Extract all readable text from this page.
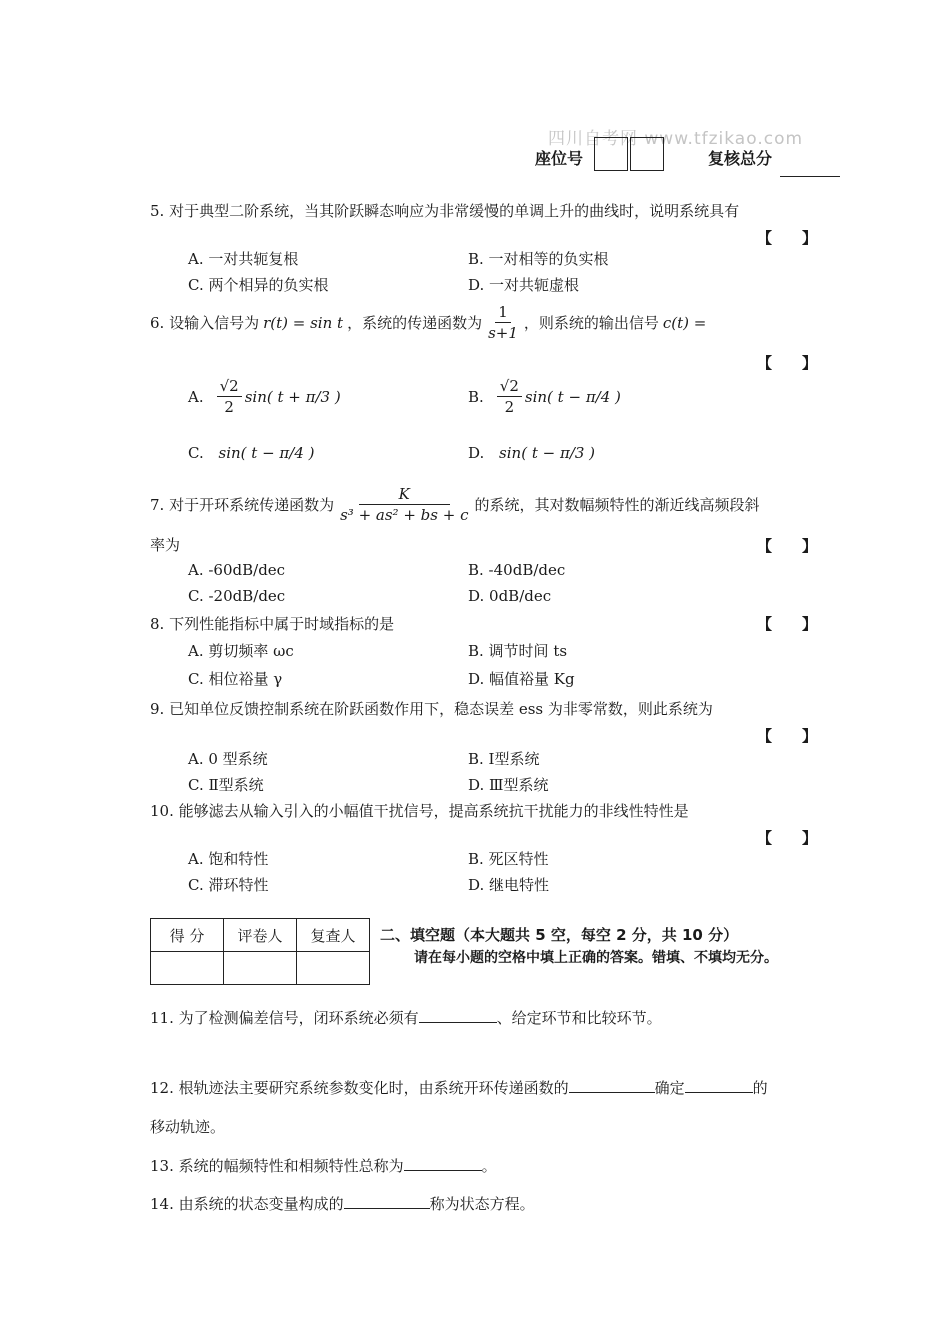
四川自考网 www.tfzikao.com
座位号	复核总分
5. 对于典型二阶系统，当其阶跃瞬态响应为非常缓慢的单调上升的曲线时，说明系统具有
【　　】
A. 一对共轭复根	B. 一对相等的负实根
C. 两个相异的负实根	D. 一对共轭虚根
6. 设输入信号为 r(t) = sin t ，系统的传递函数为 $\frac{1}{s+1}$ ，则系统的输出信号 c(t) =
【　　】
A. $\frac{√2}{2} \sin$( t + π/3 )	B. $\frac{√2}{2} \sin$( t − π/4 )
C. sin( t − π/4 )	D. sin( t − π/3 )
7. 对于开环系统传递函数为 $\frac{K}{\text{s³ + as² + bs + c}}$ 的系统，其对数幅频特性的渐近线高频段斜
率为	【　　】
A. -60dB/dec	B. -40dB/dec
C. -20dB/dec	D. 0dB/dec
8. 下列性能指标中属于时域指标的是	【　　】
A. 剪切频率 ωc	B. 调节时间 ts
C. 相位裕量 γ	D. 幅值裕量 Kg
9. 已知单位反馈控制系统在阶跃函数作用下，稳态误差 ess 为非零常数，则此系统为
【　　】
A. 0 型系统	B. Ⅰ型系统
C. Ⅱ型系统	D. Ⅲ型系统
10. 能够滤去从输入引入的小幅值干扰信号，提高系统抗干扰能力的非线性特性是
【　　】
A. 饱和特性	B. 死区特性
C. 滞环特性	D. 继电特性
得 分	评卷人	复查人
		二、填空题（本大题共 5 空，每空 2 分，共 10 分）
请在每小题的空格中填上正确的答案。错填、不填均无分。
11. 为了检测偏差信号，闭环系统必须有	、给定环节和比较环节。
12. 根轨迹法主要研究系统参数变化时，由系统开环传递函数的	确定	的
移动轨迹。
13. 系统的幅频特性和相频特性总称为	。
14. 由系统的状态变量构成的	称为状态方程。
